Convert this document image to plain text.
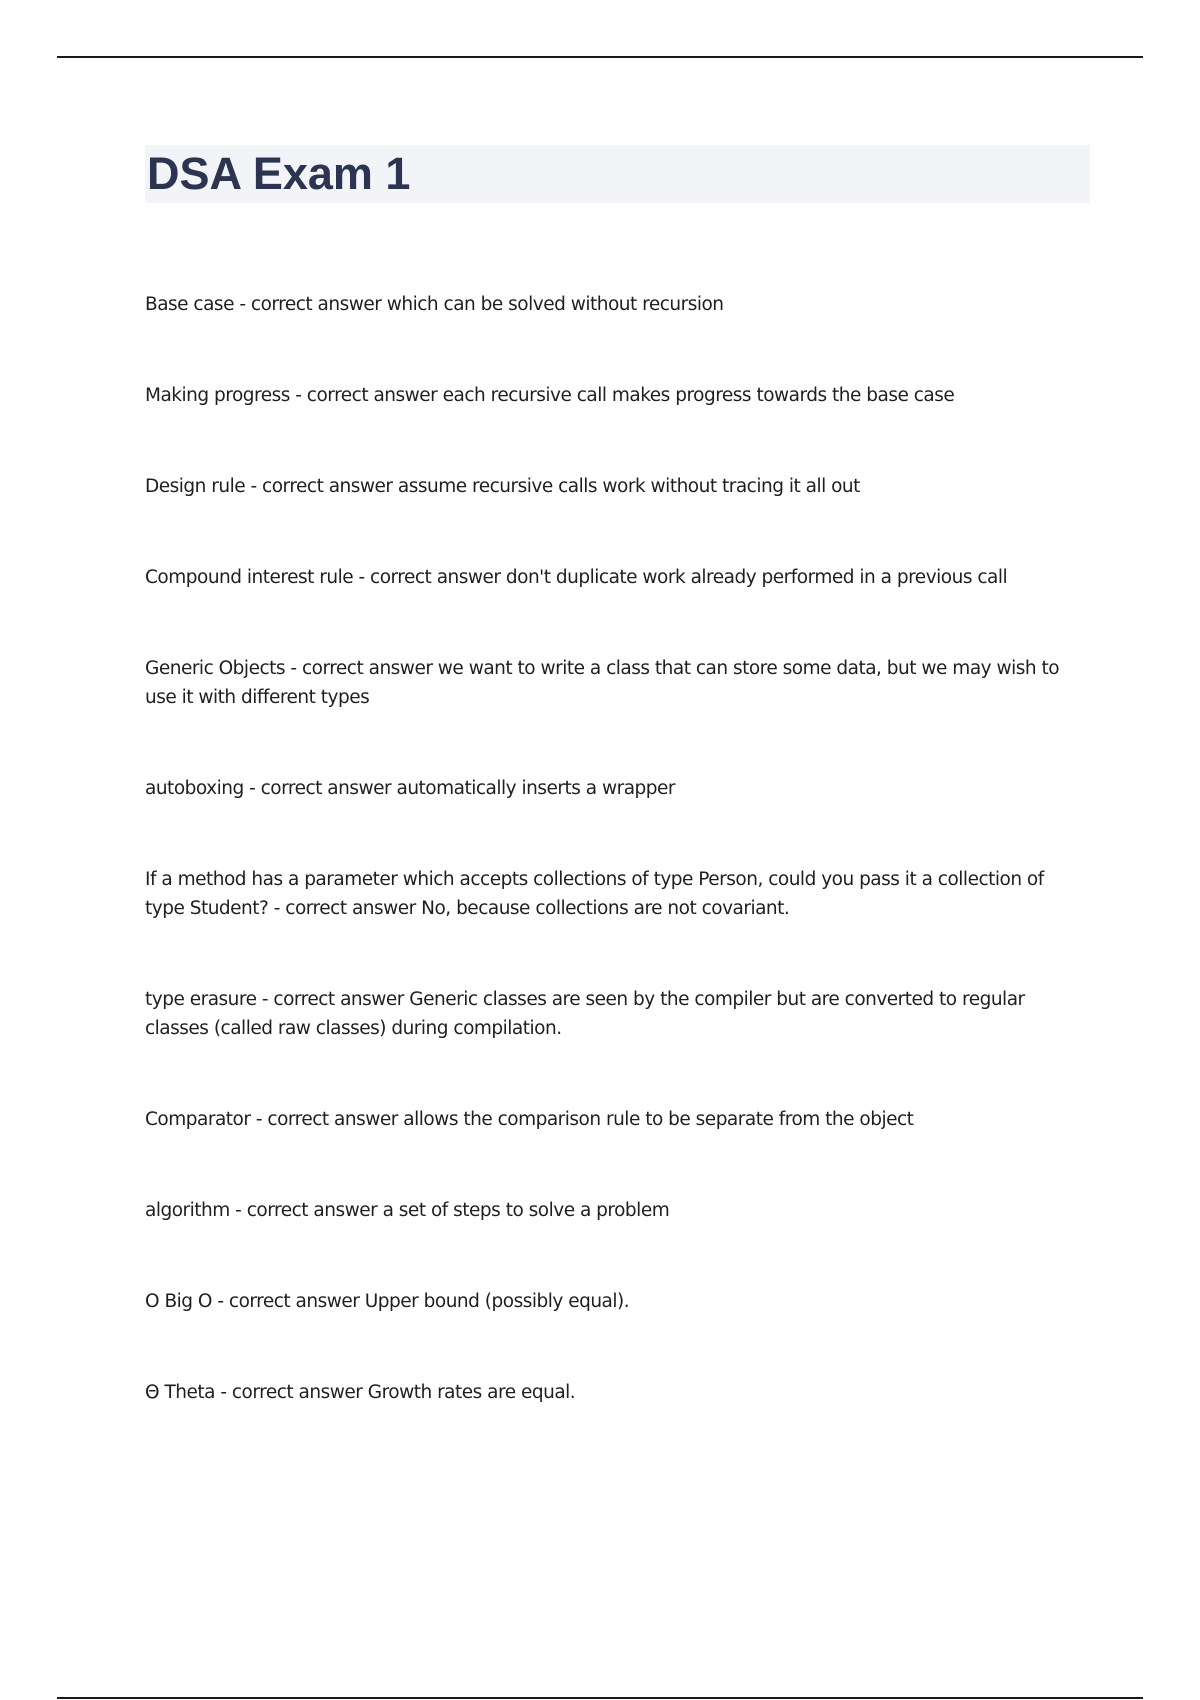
DSA Exam 1
Base case - correct answer which can be solved without recursion
Making progress - correct answer each recursive call makes progress towards the base case
Design rule - correct answer assume recursive calls work without tracing it all out
Compound interest rule - correct answer don't duplicate work already performed in a previous call
Generic Objects - correct answer we want to write a class that can store some data, but we may wish to use it with different types
autoboxing - correct answer automatically inserts a wrapper
If a method has a parameter which accepts collections of type Person, could you pass it a collection of type Student? - correct answer No, because collections are not covariant.
type erasure - correct answer Generic classes are seen by the compiler but are converted to regular classes (called raw classes) during compilation.
Comparator - correct answer allows the comparison rule to be separate from the object
algorithm - correct answer a set of steps to solve a problem
O Big O - correct answer Upper bound (possibly equal).
Θ Theta - correct answer Growth rates are equal.
